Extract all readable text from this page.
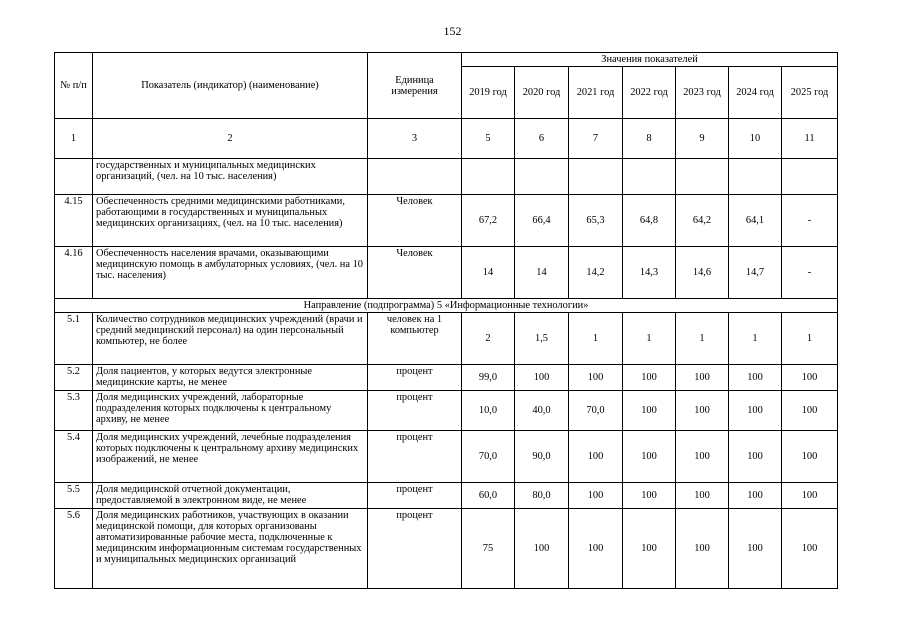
152
№ п/п	Показатель (индикатор) (наименование)	Единица измерения	Значения показателей						
			2019 год	2020 год	2021 год	2022 год	2023 год	2024 год	2025 год
1	2	3	5	6	7	8	9	10	11
	государственных и муниципальных медицинских организаций, (чел. на 10 тыс. населения)								
4.15	Обеспеченность средними медицинскими работниками, работающими в государственных и муниципальных медицинских организациях, (чел. на 10 тыс. населения)	Человек	67,2	66,4	65,3	64,8	64,2	64,1	-
4.16	Обеспеченность населения врачами, оказывающими медицинскую помощь в амбулаторных условиях, (чел. на 10 тыс. населения)	Человек	14	14	14,2	14,3	14,6	14,7	-
Направление (подпрограмма) 5 «Информационные технологии»									
5.1	Количество сотрудников медицинских учреждений (врачи и средний медицинский персонал) на один персональный компьютер, не более	человек на 1 компьютер	2	1,5	1	1	1	1	1
5.2	Доля пациентов, у которых ведутся электронные медицинские карты, не менее	процент	99,0	100	100	100	100	100	100
5.3	Доля медицинских учреждений, лабораторные подразделения которых подключены к центральному архиву, не менее	процент	10,0	40,0	70,0	100	100	100	100
5.4	Доля медицинских учреждений, лечебные подразделения которых подключены к центральному архиву медицинских изображений, не менее	процент	70,0	90,0	100	100	100	100	100
5.5	Доля медицинской отчетной документации, предоставляемой в электронном виде, не менее	процент	60,0	80,0	100	100	100	100	100
5.6	Доля медицинских работников, участвующих в оказании медицинской помощи, для которых организованы автоматизированные рабочие места, подключенные к медицинским информационным системам государственных и муниципальных медицинских организаций	процент	75	100	100	100	100	100	100
